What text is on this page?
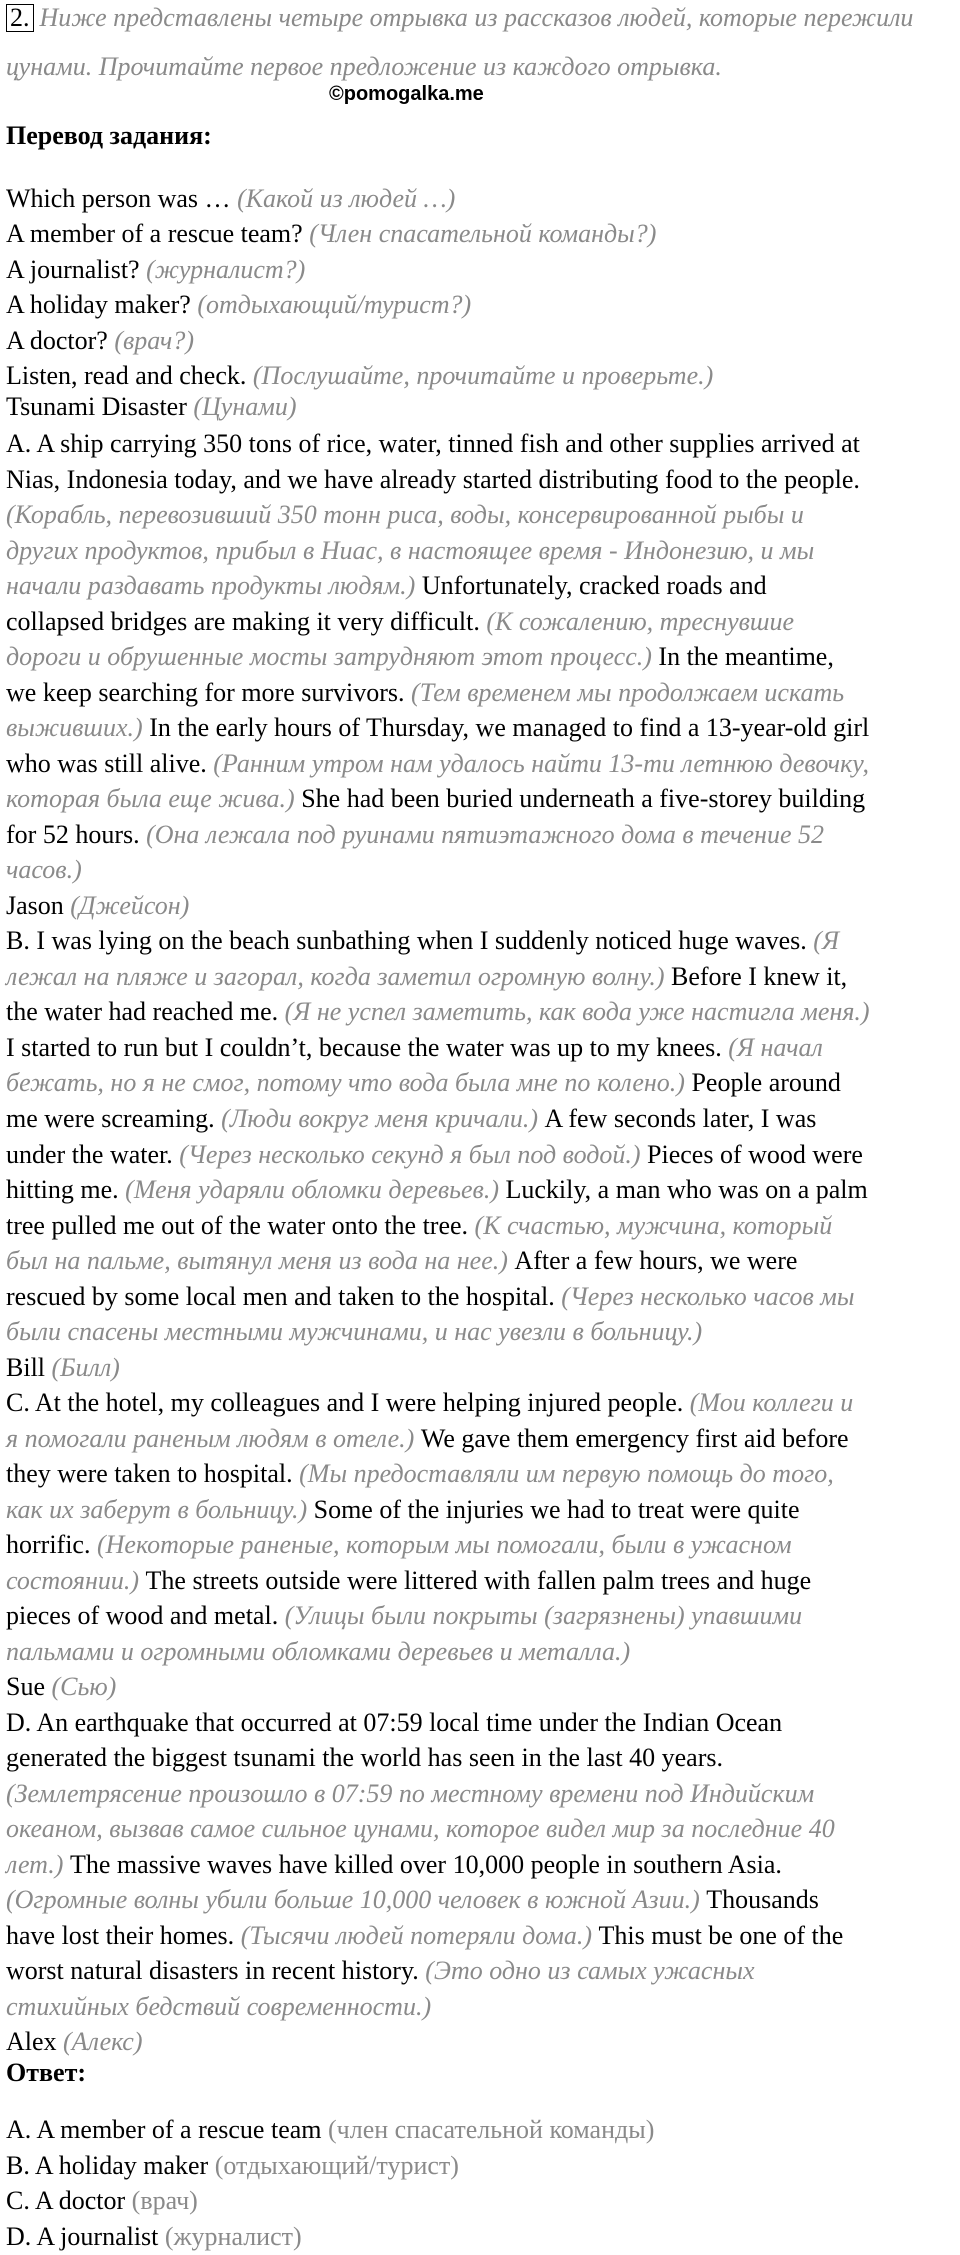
2. Ниже представлены четыре отрывка из рассказов людей, которые пережили
цунами. Прочитайте первое предложение из каждого отрывка.
©pomogalka.me
Перевод задания:
Ответ:
Which person was … (Какой из людей …)
A member of a rescue team? (Член спасательной команды?)
A journalist? (журналист?)
A holiday maker? (отдыхающий/турист?)
A doctor? (врач?)
Listen, read and check. (Послушайте, прочитайте и проверьте.)
Tsunami Disaster (Цунами)
A. A ship carrying 350 tons of rice, water, tinned fish and other supplies arrived at
Nias, Indonesia today, and we have already started distributing food to the people.
(Корабль, перевозивший 350 тонн риса, воды, консервированной рыбы и
других продуктов, прибыл в Ниас, в настоящее время - Индонезию, и мы
начали раздавать продукты людям.) Unfortunately, cracked roads and
collapsed bridges are making it very difficult. (К сожалению, треснувшие
дороги и обрушенные мосты затрудняют этот процесс.) In the meantime,
we keep searching for more survivors. (Тем временем мы продолжаем искать
выживших.) In the early hours of Thursday, we managed to find a 13-year-old girl
who was still alive. (Ранним утром нам удалось найти 13-ти летнюю девочку,
которая была еще жива.) She had been buried underneath a five-storey building
for 52 hours. (Она лежала под руинами пятиэтажного дома в течение 52
часов.)
Jason (Джейсон)
B. I was lying on the beach sunbathing when I suddenly noticed huge waves. (Я
лежал на пляже и загорал, когда заметил огромную волну.) Before I knew it,
the water had reached me. (Я не успел заметить, как вода уже настигла меня.)
I started to run but I couldn’t, because the water was up to my knees. (Я начал
бежать, но я не смог, потому что вода была мне по колено.) People around
me were screaming. (Люди вокруг меня кричали.) A few seconds later, I was
under the water. (Через несколько секунд я был под водой.) Pieces of wood were
hitting me. (Меня ударяли обломки деревьев.) Luckily, a man who was on a palm
tree pulled me out of the water onto the tree. (К счастью, мужчина, который
был на пальме, вытянул меня из вода на нее.) After a few hours, we were
rescued by some local men and taken to the hospital. (Через несколько часов мы
были спасены местными мужчинами, и нас увезли в больницу.)
Bill (Билл)
C. At the hotel, my colleagues and I were helping injured people. (Мои коллеги и
я помогали раненым людям в отеле.) We gave them emergency first aid before
they were taken to hospital. (Мы предоставляли им первую помощь до того,
как их заберут в больницу.) Some of the injuries we had to treat were quite
horrific. (Некоторые раненые, которым мы помогали, были в ужасном
состоянии.) The streets outside were littered with fallen palm trees and huge
pieces of wood and metal. (Улицы были покрыты (загрязнены) упавшими
пальмами и огромными обломками деревьев и металла.)
Sue (Сью)
D. An earthquake that occurred at 07:59 local time under the Indian Ocean
generated the biggest tsunami the world has seen in the last 40 years.
(Землетрясение произошло в 07:59 по местному времени под Индийским
океаном, вызвав самое сильное цунами, которое видел мир за последние 40
лет.) The massive waves have killed over 10,000 people in southern Asia.
(Огромные волны убили больше 10,000 человек в южной Азии.) Thousands
have lost their homes. (Тысячи людей потеряли дома.) This must be one of the
worst natural disasters in recent history. (Это одно из самых ужасных
стихийных бедствий современности.)
Alex (Алекс)
A. A member of a rescue team (член спасательной команды)
B. A holiday maker (отдыхающий/турист)
C. A doctor (врач)
D. A journalist (журналист)
